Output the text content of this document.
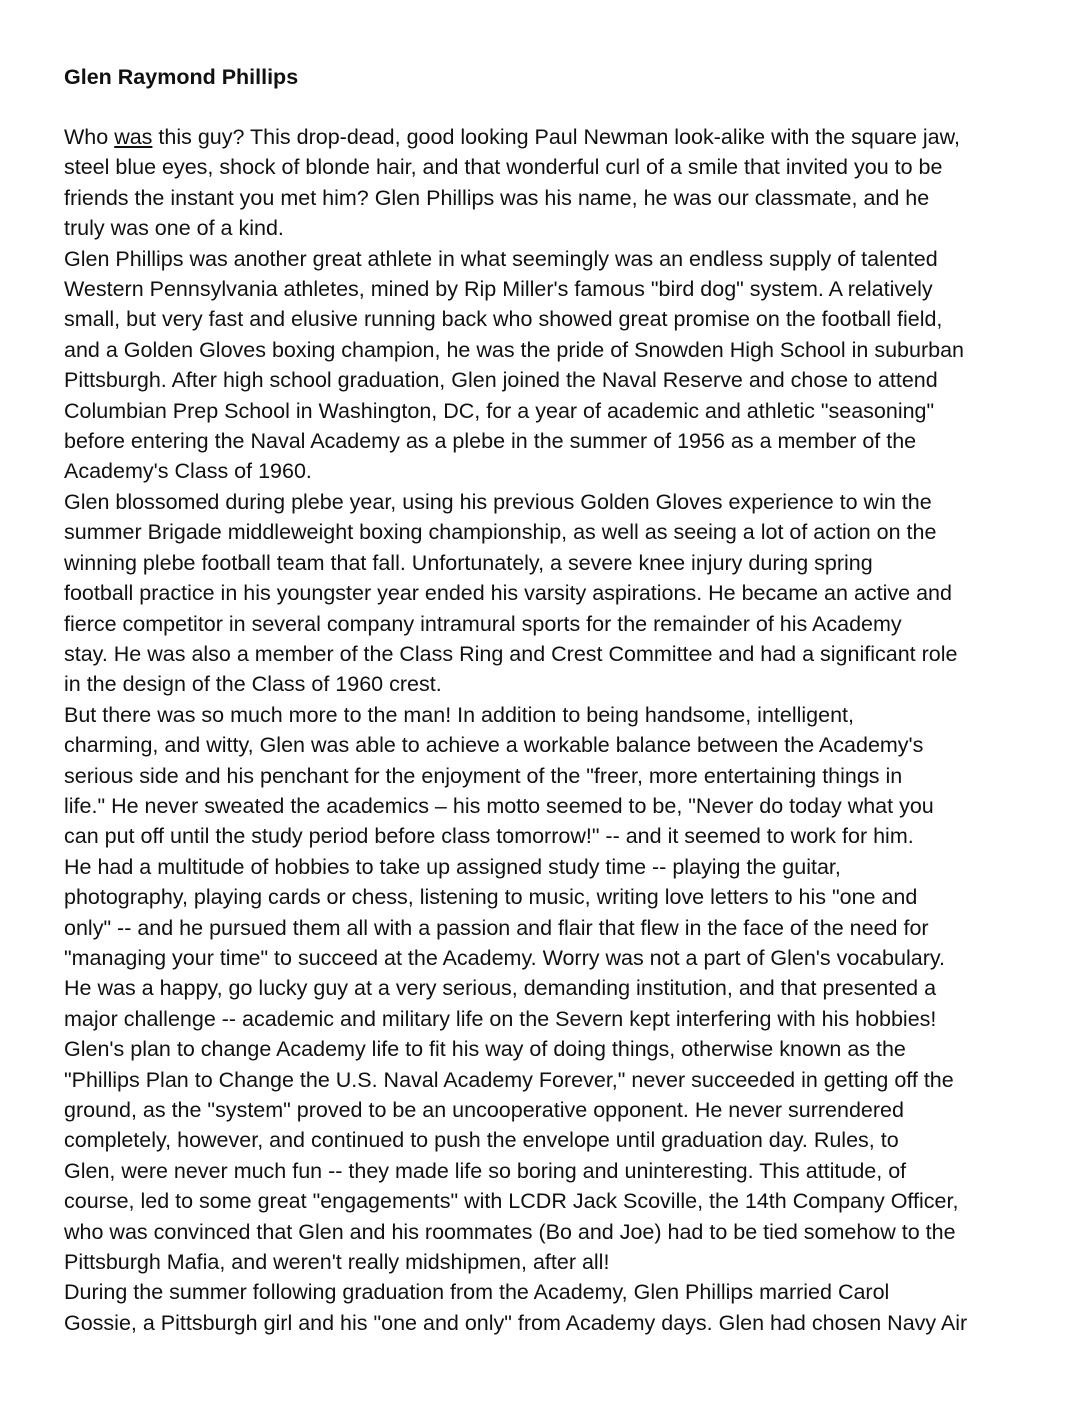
Glen Raymond Phillips
Who was this guy? This drop-dead, good looking Paul Newman look-alike with the square jaw,
steel blue eyes, shock of blonde hair, and that wonderful curl of a smile that invited you to be
friends the instant you met him? Glen Phillips was his name, he was our classmate, and he
truly was one of a kind.
Glen Phillips was another great athlete in what seemingly was an endless supply of talented
Western Pennsylvania athletes, mined by Rip Miller's famous "bird dog" system. A relatively
small, but very fast and elusive running back who showed great promise on the football field,
and a Golden Gloves boxing champion, he was the pride of Snowden High School in suburban
Pittsburgh. After high school graduation, Glen joined the Naval Reserve and chose to attend
Columbian Prep School in Washington, DC, for a year of academic and athletic "seasoning"
before entering the Naval Academy as a plebe in the summer of 1956 as a member of the
Academy's Class of 1960.
Glen blossomed during plebe year, using his previous Golden Gloves experience to win the
summer Brigade middleweight boxing championship, as well as seeing a lot of action on the
winning plebe football team that fall. Unfortunately, a severe knee injury during spring
football practice in his youngster year ended his varsity aspirations. He became an active and
fierce competitor in several company intramural sports for the remainder of his Academy
stay. He was also a member of the Class Ring and Crest Committee and had a significant role
in the design of the Class of 1960 crest.
But there was so much more to the man! In addition to being handsome, intelligent,
charming, and witty, Glen was able to achieve a workable balance between the Academy's
serious side and his penchant for the enjoyment of the "freer, more entertaining things in
life." He never sweated the academics – his motto seemed to be, "Never do today what you
can put off until the study period before class tomorrow!" -- and it seemed to work for him.
He had a multitude of hobbies to take up assigned study time -- playing the guitar,
photography, playing cards or chess, listening to music, writing love letters to his "one and
only" -- and he pursued them all with a passion and flair that flew in the face of the need for
"managing your time" to succeed at the Academy. Worry was not a part of Glen's vocabulary.
He was a happy, go lucky guy at a very serious, demanding institution, and that presented a
major challenge -- academic and military life on the Severn kept interfering with his hobbies!
Glen's plan to change Academy life to fit his way of doing things, otherwise known as the
"Phillips Plan to Change the U.S. Naval Academy Forever," never succeeded in getting off the
ground, as the "system" proved to be an uncooperative opponent. He never surrendered
completely, however, and continued to push the envelope until graduation day. Rules, to
Glen, were never much fun -- they made life so boring and uninteresting. This attitude, of
course, led to some great "engagements" with LCDR Jack Scoville, the 14th Company Officer,
who was convinced that Glen and his roommates (Bo and Joe) had to be tied somehow to the
Pittsburgh Mafia, and weren't really midshipmen, after all!
During the summer following graduation from the Academy, Glen Phillips married Carol
Gossie, a Pittsburgh girl and his "one and only" from Academy days. Glen had chosen Navy Air
